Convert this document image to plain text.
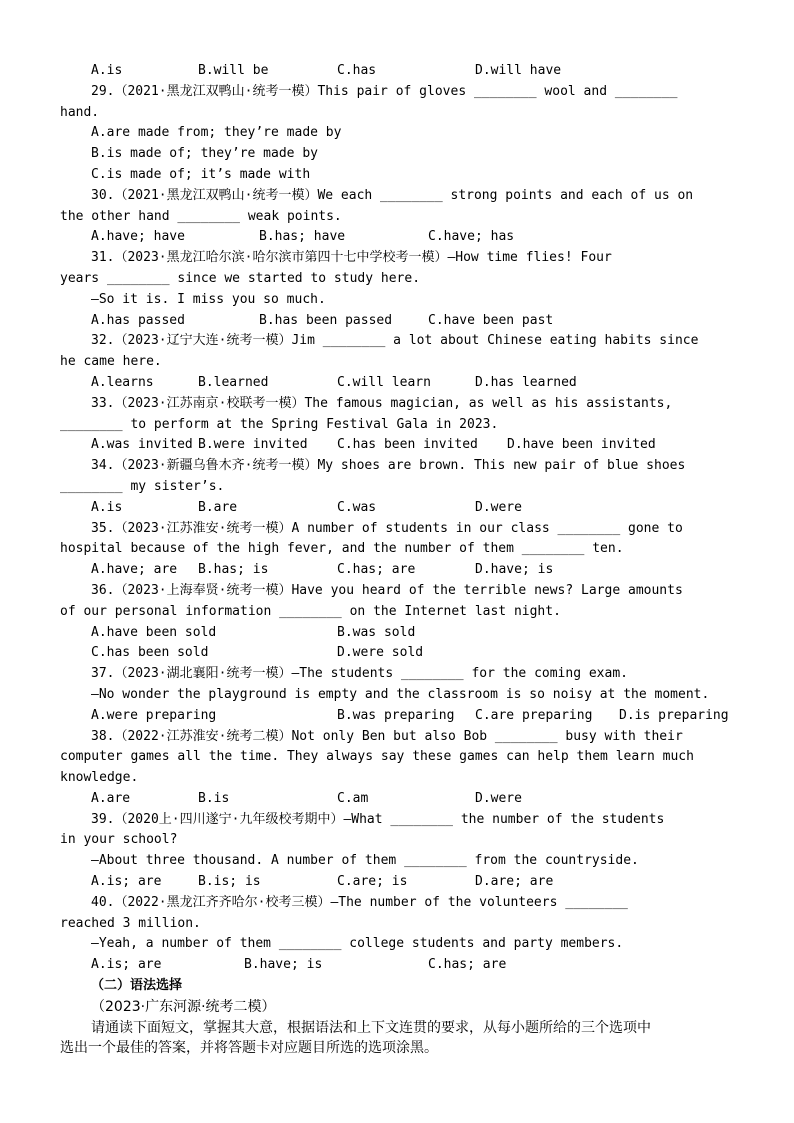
A.is	B.will be	C.has	D.will have
29.（2021·黑龙江双鸭山·统考一模）This pair of gloves ________ wool and ________
hand.
A.are made from; they’re made by
B.is made of; they’re made by
C.is made of; it’s made with
30.（2021·黑龙江双鸭山·统考一模）We each ________ strong points and each of us on
the other hand ________ weak points.
A.have; have	B.has; have	C.have; has
31.（2023·黑龙江哈尔滨·哈尔滨市第四十七中学校考一模）—How time flies! Four
years ________ since we started to study here.
—So it is. I miss you so much.
A.has passed	B.has been passed	C.have been past
32.（2023·辽宁大连·统考一模）Jim ________ a lot about Chinese eating habits since
he came here.
A.learns	B.learned	C.will learn	D.has learned
33.（2023·江苏南京·校联考一模）The famous magician, as well as his assistants,
________ to perform at the Spring Festival Gala in 2023.
A.was invited B.were invited	C.has been invited	D.have been invited
34.（2023·新疆乌鲁木齐·统考一模）My shoes are brown. This new pair of blue shoes
________ my sister’s.
A.is	B.are	C.was	D.were
35.（2023·江苏淮安·统考一模）A number of students in our class ________ gone to
hospital because of the high fever, and the number of them ________ ten.
A.have; are	B.has; is	C.has; are	D.have; is
36.（2023·上海奉贤·统考一模）Have you heard of the terrible news? Large amounts
of our personal information ________ on the Internet last night.
A.have been sold	B.was sold
C.has been sold	D.were sold
37.（2023·湖北襄阳·统考一模）—The students ________ for the coming exam.
—No wonder the playground is empty and the classroom is so noisy at the moment.
A.were preparing	B.was preparing	C.are preparing	D.is preparing
38.（2022·江苏淮安·统考二模）Not only Ben but also Bob ________ busy with their
computer games all the time. They always say these games can help them learn much
knowledge.
A.are	B.is	C.am	D.were
39.（2020上·四川遂宁·九年级校考期中）—What ________ the number of the students
in your school?
—About three thousand. A number of them ________ from the countryside.
A.is; are	B.is; is	C.are; is	D.are; are
40.（2022·黑龙江齐齐哈尔·校考三模）—The number of the volunteers ________
reached 3 million.
—Yeah, a number of them ________ college students and party members.
A.is; are	B.have; is	C.has; are
（二）语法选择
（2023·广东河源·统考二模）
请通读下面短文，掌握其大意，根据语法和上下文连贯的要求，从每小题所给的三个选项中
选出一个最佳的答案，并将答题卡对应题目所选的选项涂黑。
